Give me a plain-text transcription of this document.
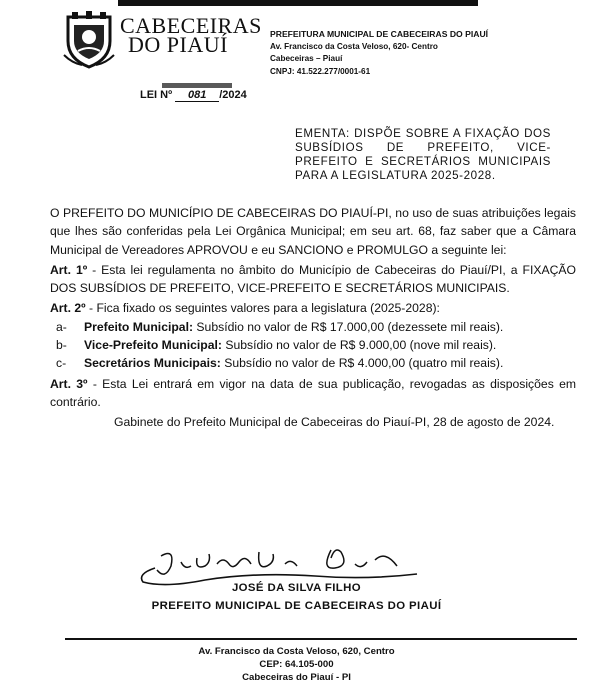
CABECEIRAS
DO PIAUÍ	PREFEITURA MUNICIPAL DE CABECEIRAS DO PIAUÍ
Av. Francisco da Costa Veloso, 620- Centro
Cabeceiras – Piauí
CNPJ: 41.522.277/0001-61
LEI Nº 081 /2024
EMENTA: DISPÕE SOBRE A FIXAÇÃO DOS SUBSÍDIOS DE PREFEITO, VICE-PREFEITO E SECRETÁRIOS MUNICIPAIS PARA A LEGISLATURA 2025-2028.

O PREFEITO DO MUNICÍPIO DE CABECEIRAS DO PIAUÍ-PI, no uso de suas atribuições legais que lhes são conferidas pela Lei Orgânica Municipal; em seu art. 68, faz saber que a Câmara Municipal de Vereadores APROVOU e eu SANCIONO e PROMULGO a seguinte lei:

Art. 1º - Esta lei regulamenta no âmbito do Município de Cabeceiras do Piauí/PI, a FIXAÇÃO DOS SUBSÍDIOS DE PREFEITO, VICE-PREFEITO E SECRETÁRIOS MUNICIPAIS.

Art. 2º - Fica fixado os seguintes valores para a legislatura (2025-2028):

a-	Prefeito Municipal: Subsídio no valor de R$ 17.000,00 (dezessete mil reais).
b-	Vice-Prefeito Municipal: Subsídio no valor de R$ 9.000,00 (nove mil reais).
c-	Secretários Municipais: Subsídio no valor de R$ 4.000,00 (quatro mil reais).

Art. 3º - Esta Lei entrará em vigor na data de sua publicação, revogadas as disposições em contrário.

Gabinete do Prefeito Municipal de Cabeceiras do Piauí-PI, 28 de agosto de 2024.

JOSÉ DA SILVA FILHO
PREFEITO MUNICIPAL DE CABECEIRAS DO PIAUÍ
Av. Francisco da Costa Veloso, 620, Centro
CEP: 64.105-000
Cabeceiras do Piauí - PI
